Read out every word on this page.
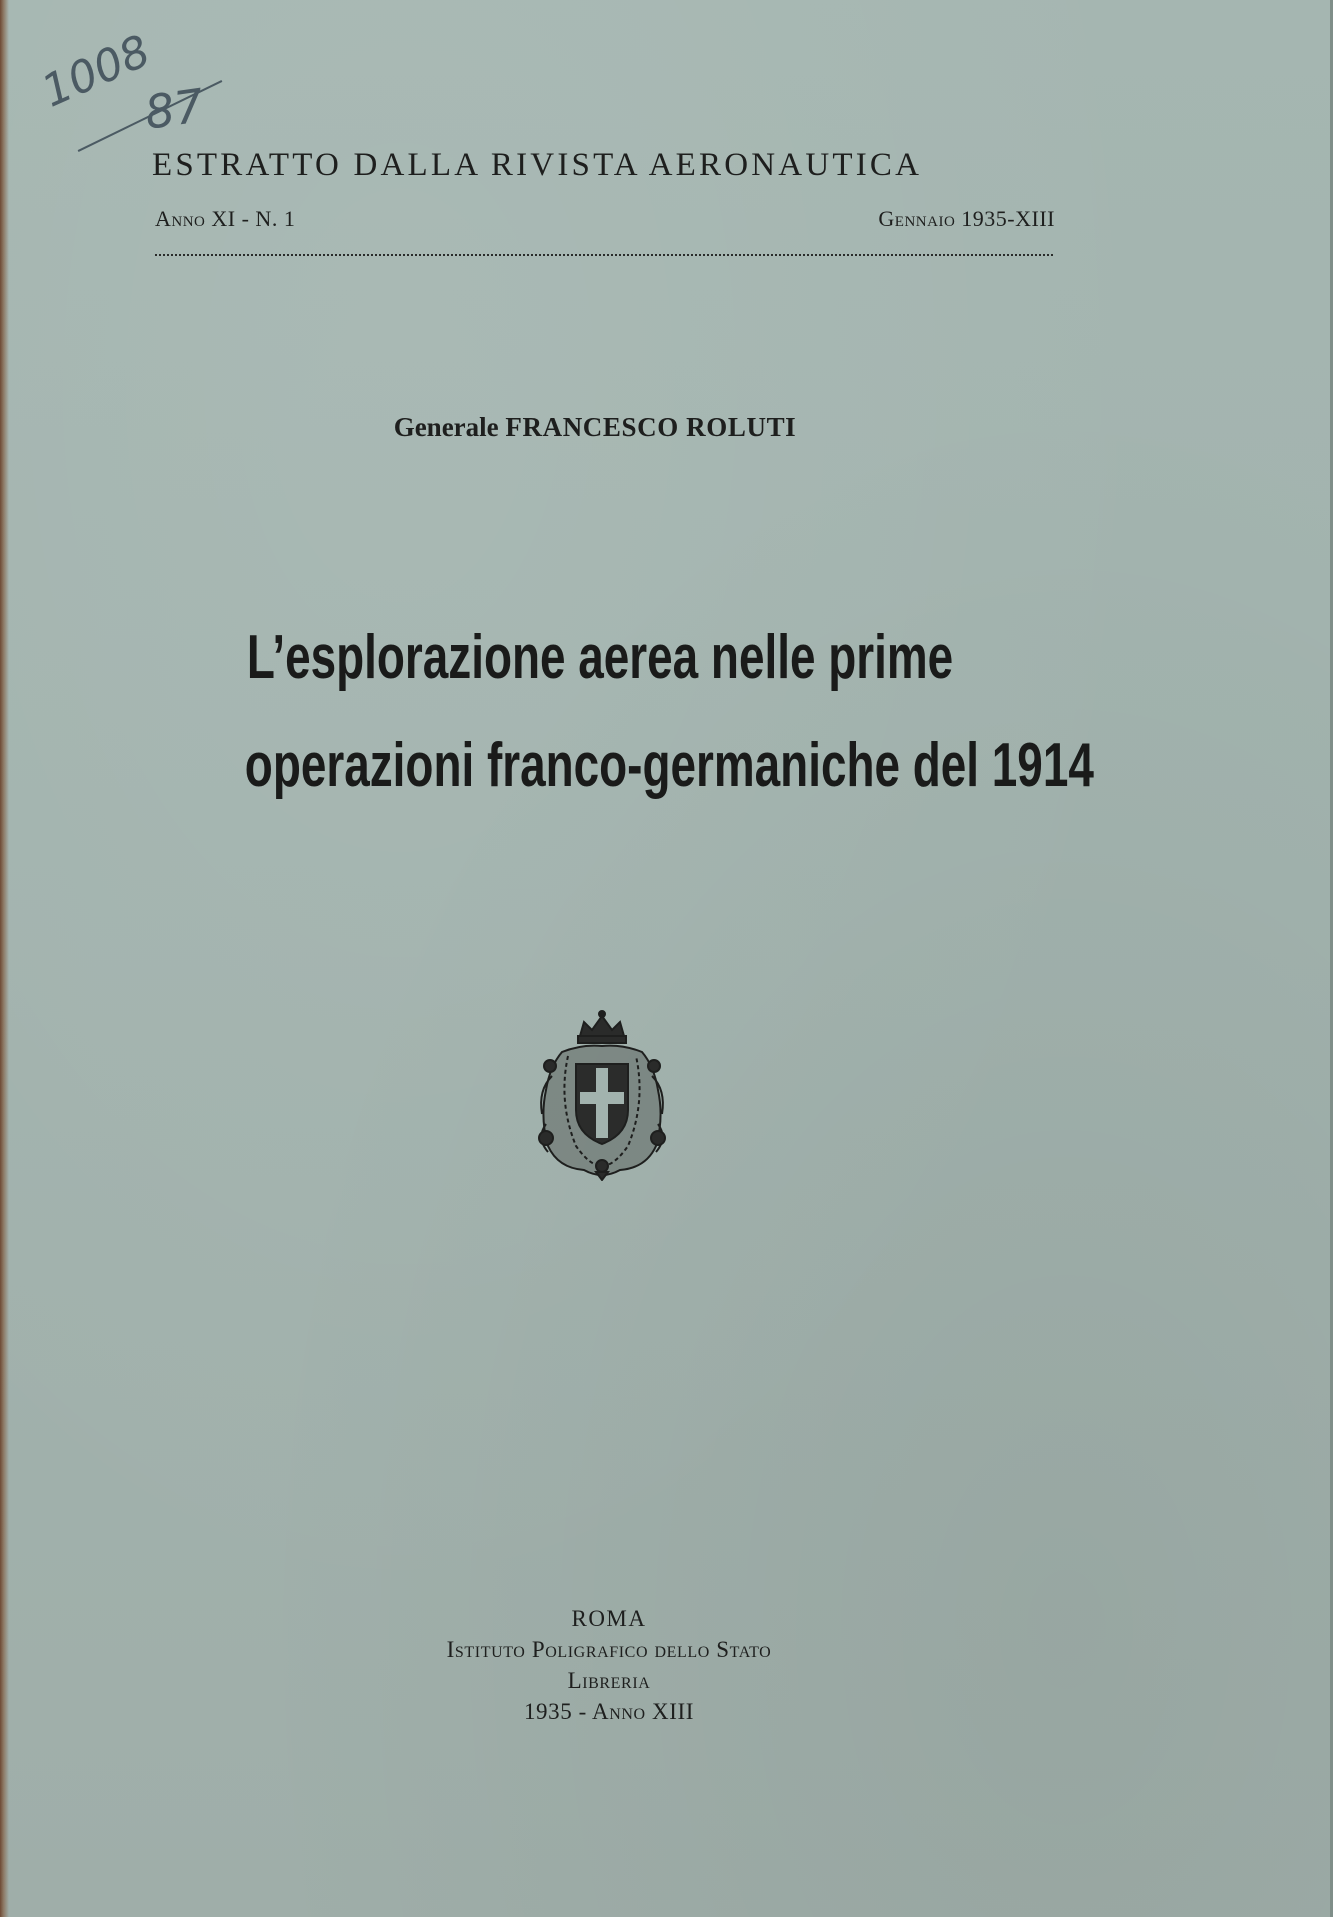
1008
87
ESTRATTO DALLA RIVISTA AERONAUTICA
Anno XI - N. 1	Gennaio 1935-XIII
Generale FRANCESCO ROLUTI
L’esplorazione aerea nelle prime
operazioni franco-germaniche del 1914
ROMA
Istituto Poligrafico dello Stato
Libreria
1935 - Anno XIII
